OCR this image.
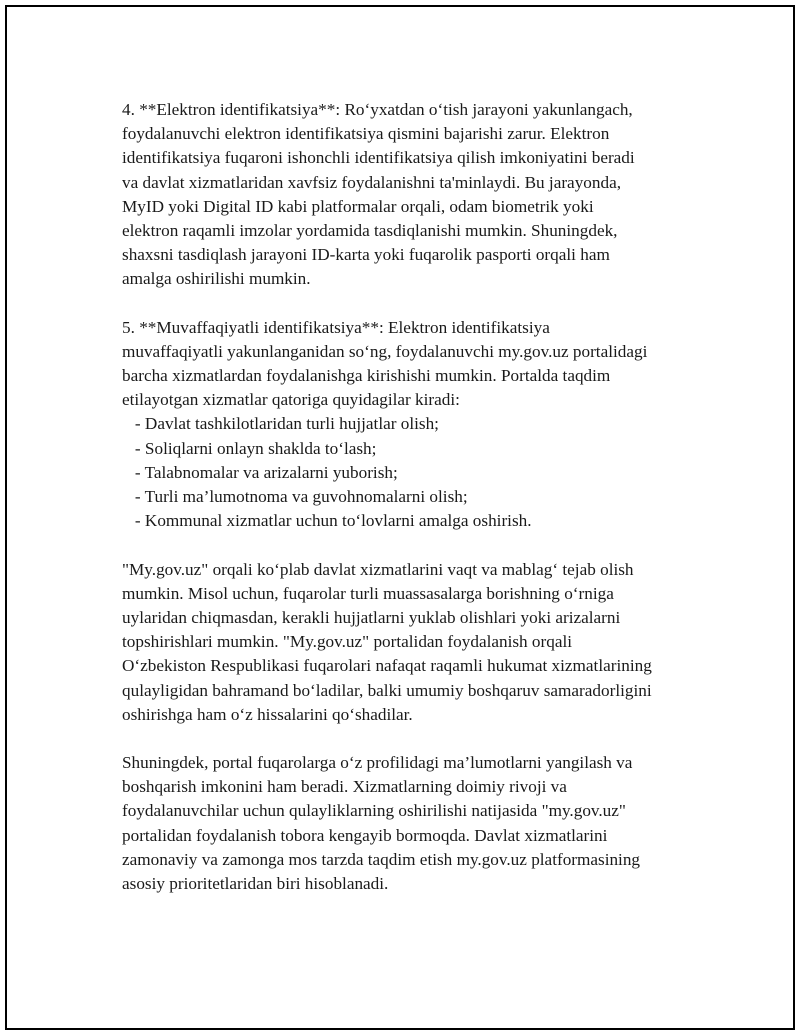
4. **Elektron identifikatsiya**: Ro‘yxatdan o‘tish jarayoni yakunlangach,
foydalanuvchi elektron identifikatsiya qismini bajarishi zarur. Elektron
identifikatsiya fuqaroni ishonchli identifikatsiya qilish imkoniyatini beradi
va davlat xizmatlaridan xavfsiz foydalanishni ta'minlaydi. Bu jarayonda,
MyID yoki Digital ID kabi platformalar orqali, odam biometrik yoki
elektron raqamli imzolar yordamida tasdiqlanishi mumkin. Shuningdek,
shaxsni tasdiqlash jarayoni ID-karta yoki fuqarolik pasporti orqali ham
amalga oshirilishi mumkin.
5. **Muvaffaqiyatli identifikatsiya**: Elektron identifikatsiya
muvaffaqiyatli yakunlanganidan so‘ng, foydalanuvchi my.gov.uz portalidagi
barcha xizmatlardan foydalanishga kirishishi mumkin. Portalda taqdim
etilayotgan xizmatlar qatoriga quyidagilar kiradi:
- Davlat tashkilotlaridan turli hujjatlar olish;
- Soliqlarni onlayn shaklda to‘lash;
- Talabnomalar va arizalarni yuborish;
- Turli ma’lumotnoma va guvohnomalarni olish;
- Kommunal xizmatlar uchun to‘lovlarni amalga oshirish.
"My.gov.uz" orqali ko‘plab davlat xizmatlarini vaqt va mablag‘ tejab olish
mumkin. Misol uchun, fuqarolar turli muassasalarga borishning o‘rniga
uylaridan chiqmasdan, kerakli hujjatlarni yuklab olishlari yoki arizalarni
topshirishlari mumkin. "My.gov.uz" portalidan foydalanish orqali
O‘zbekiston Respublikasi fuqarolari nafaqat raqamli hukumat xizmatlarining
qulayligidan bahramand bo‘ladilar, balki umumiy boshqaruv samaradorligini
oshirishga ham o‘z hissalarini qo‘shadilar.
Shuningdek, portal fuqarolarga o‘z profilidagi ma’lumotlarni yangilash va
boshqarish imkonini ham beradi. Xizmatlarning doimiy rivoji va
foydalanuvchilar uchun qulayliklarning oshirilishi natijasida "my.gov.uz"
portalidan foydalanish tobora kengayib bormoqda. Davlat xizmatlarini
zamonaviy va zamonga mos tarzda taqdim etish my.gov.uz platformasining
asosiy prioritetlaridan biri hisoblanadi.
